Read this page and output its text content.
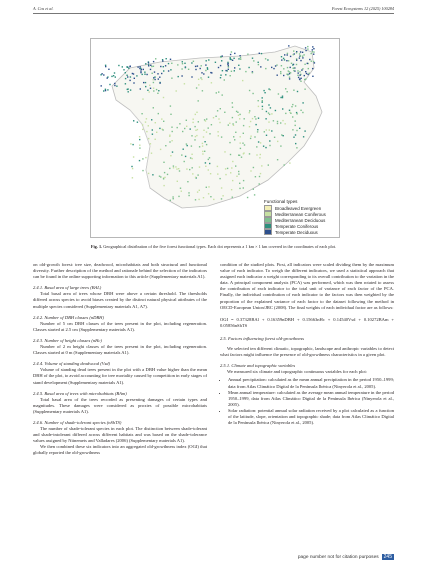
A. Cos et al.	Forest Ecosystems 12 (2025) 100284
Functional types
Broadleaved Evergreen
Mediterranean Coniferous
Mediterranean Deciduous
Temperate Coniferous
Temperate Deciduous
Fig. 1. Geographical distribution of the five forest functional types. Each dot represents a 1 km × 1 km covered in the coordinates of each plot.

on old-growth forest: tree size, deadwood, microhabitats and both structural and functional diversity. Further description of the method and rationale behind the selection of the indicators can be found in the online supporting information to this article (Supplementary materials A1).

2.4.1. Basal area of large trees (BAL)

Total basal area of trees whose DBH were above a certain threshold. The thresholds differed across species to avoid biases created by the distinct natural physical attributes of the multiple species considered (Supplementary materials A1, A7).

2.4.2. Number of DBH classes (nDBH)

Number of 5 cm DBH classes of the trees present in the plot, including regeneration. Classes started at 2.5 cm (Supplementary materials A1).

2.4.3. Number of height classes (nHc)

Number of 2 m height classes of the trees present in the plot, including regeneration. Classes started at 0 m (Supplementary materials A1).

2.4.4. Volume of standing deadwood (Vsd)

Volume of standing dead trees present in the plot with a DBH value higher than the mean DBH of the plot, to avoid accounting for tree mortality caused by competition in early stages of stand development (Supplementary materials A1).

2.4.5. Basal area of trees with microhabitats (BAm)

Total basal area of the trees recorded as presenting damages of certain types and magnitudes. These damages were considered as proxies of possible microhabitats (Supplementary materials A1).

2.4.6. Number of shade-tolerant species (nShTS)

The number of shade-tolerant species in each plot. The distinction between shade-tolerant and shade-intolerant differed across different habitats and was based on the shade-tolerance values assigned by Niinemets and Valladares (2006) (Supplementary materials A1).

We then combined these six indicators into an aggregated old-growthness index (OGI) that globally reported the old-growthness

condition of the studied plots. First, all indicators were scaled dividing them by the maximum value of each indicator. To weigh the different indicators, we used a statistical approach that assigned each indicator a weight corresponding to its overall contribution to the variation in the data. A principal component analysis (PCA) was performed, which was then rotated to assess the contribution of each indicator to the total unit of variance of each factor of the PCA. Finally, the individual contribution of each indicator to the factors was then weighted by the proportion of the explained variance of each factor to the dataset following the method in OECD-European Union/JRC (2008). The final weights of each individual factor are as follows:

OGI = 0.37328BAl + 0.16359nDBH + 0.15663nHc + 0.14540Vsd + 0.10272BAm + 0.05856nShTS
2.5. Factors influencing forest old-growthness

We selected ten different climatic, topographic, landscape and anthropic variables to detect what factors might influence the presence of old-growthness characteristics in a given plot.

2.5.1. Climate and topographic variables

We measured six climate and topographic continuous variables for each plot:

• Annual precipitation: calculated as the mean annual precipitation in the period 1950–1999; data from Atlas Climático Digital de la Península Ibérica (Ninyerola et al., 2005).
• Mean annual temperature: calculated as the average mean annual temperature in the period 1950–1999, data from Atlas Climático Digital de la Península Ibérica (Ninyerola et al., 2005).
• Solar radiation: potential annual solar radiation received by a plot calculated as a function of the latitude, slope, orientation and topographic shade; data from Atlas Climático Digital de la Península Ibérica (Ninyerola et al., 2005).
page number not for citation purposes	245
